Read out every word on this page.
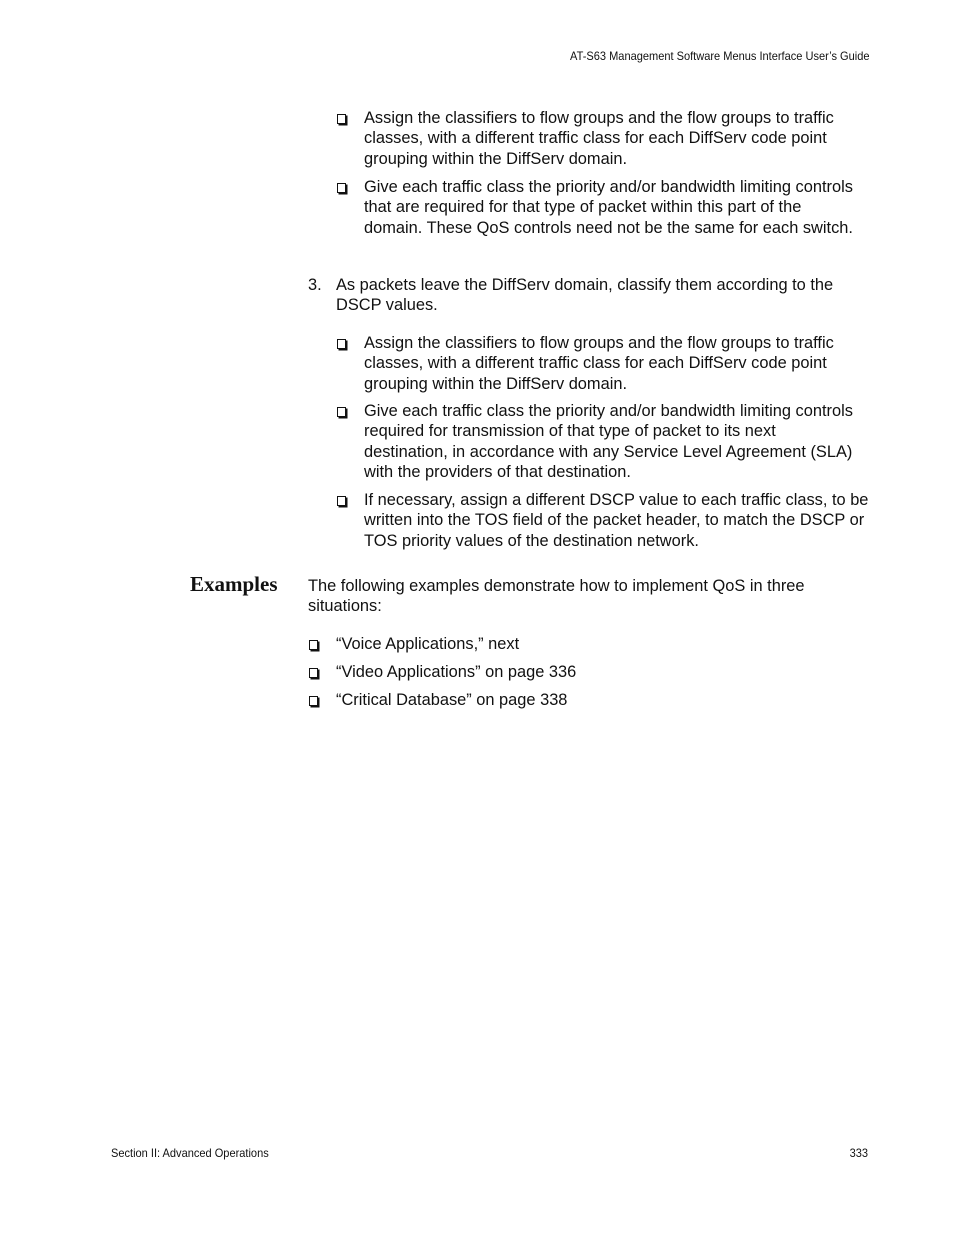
AT-S63 Management Software Menus Interface User’s Guide
Assign the classifiers to flow groups and the flow groups to traffic classes, with a different traffic class for each DiffServ code point grouping within the DiffServ domain.
Give each traffic class the priority and/or bandwidth limiting controls that are required for that type of packet within this part of the domain. These QoS controls need not be the same for each switch.
3. As packets leave the DiffServ domain, classify them according to the DSCP values.
Assign the classifiers to flow groups and the flow groups to traffic classes, with a different traffic class for each DiffServ code point grouping within the DiffServ domain.
Give each traffic class the priority and/or bandwidth limiting controls required for transmission of that type of packet to its next destination, in accordance with any Service Level Agreement (SLA) with the providers of that destination.
If necessary, assign a different DSCP value to each traffic class, to be written into the TOS field of the packet header, to match the DSCP or TOS priority values of the destination network.
Examples The following examples demonstrate how to implement QoS in three situations:
“Voice Applications,” next
“Video Applications” on page 336
“Critical Database” on page 338
Section II: Advanced Operations	333
